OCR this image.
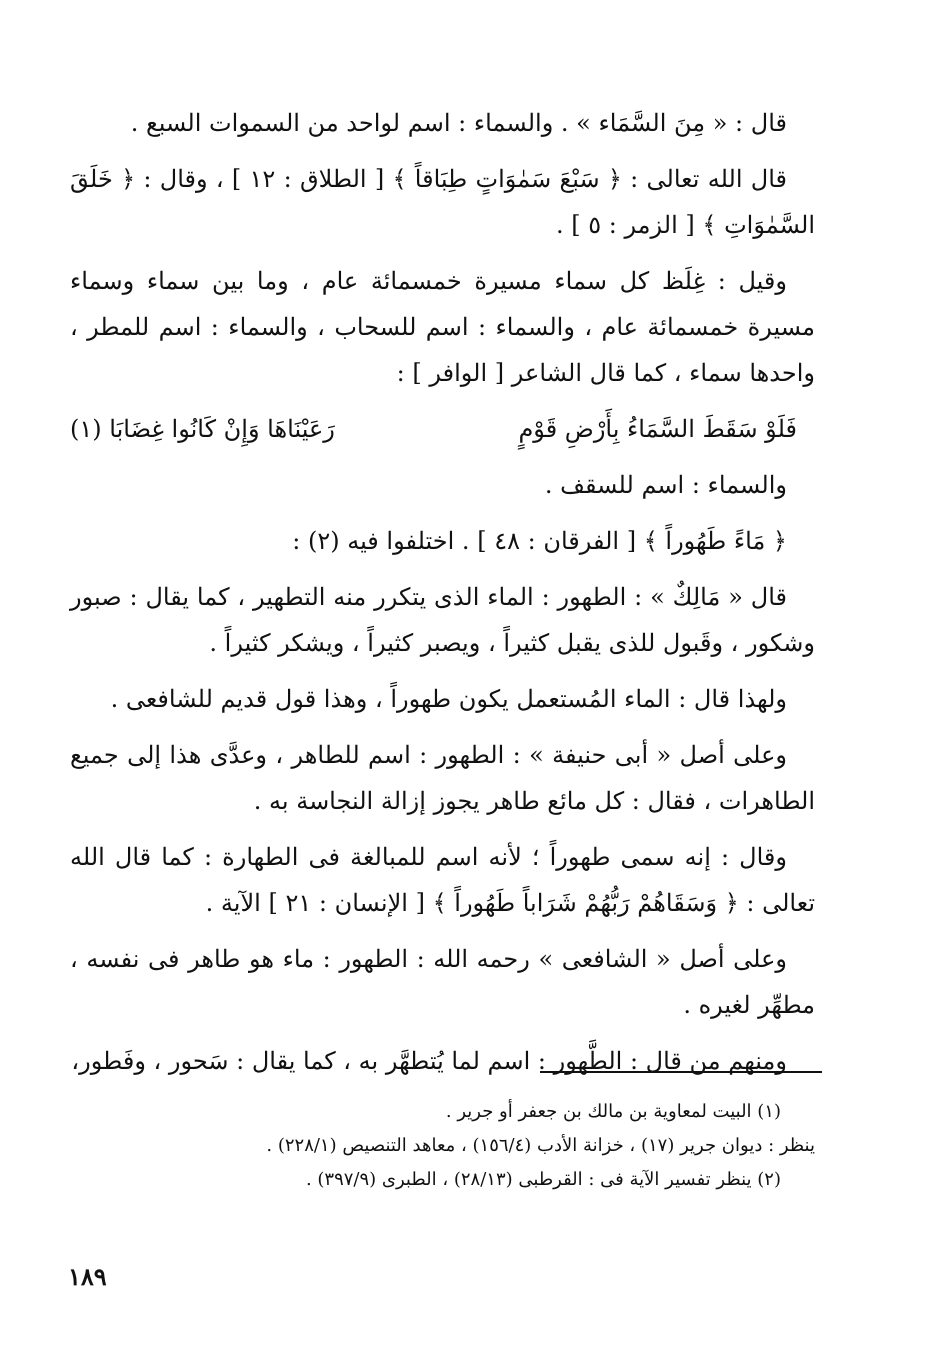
قال : « مِنَ السَّمَاء » . والسماء : اسم لواحد من السموات السبع .

قال الله تعالى : ﴿ سَبْعَ سَمٰوَاتٍ طِبَاقاً ﴾ [ الطلاق : ١٢ ] ، وقال : ﴿ خَلَقَ السَّمٰوَاتِ ﴾ [ الزمر : ٥ ] .

وقيل : غِلَظ كل سماء مسيرة خمسمائة عام ، وما بين سماء وسماء مسيرة خمسمائة عام ، والسماء : اسم للسحاب ، والسماء : اسم للمطر ، واحدها سماء ، كما قال الشاعر [ الوافر ] :

فَلَوْ سَقَطَ السَّمَاءُ بِأَرْضِ قَوْمٍ
رَعَيْنَاهَا وَإِنْ كَانُوا غِضَابَا (١)

والسماء : اسم للسقف .

﴿ مَاءً طَهُوراً ﴾ [ الفرقان : ٤٨ ] . اختلفوا فيه (٢) :

قال « مَالِكٌ » : الطهور : الماء الذى يتكرر منه التطهير ، كما يقال : صبور وشكور ، وقَبول للذى يقبل كثيراً ، ويصبر كثيراً ، ويشكر كثيراً .

ولهذا قال : الماء المُستعمل يكون طهوراً ، وهذا قول قديم للشافعى .

وعلى أصل « أبى حنيفة » : الطهور : اسم للطاهر ، وعدَّى هذا إلى جميع الطاهرات ، فقال : كل مائع طاهر يجوز إزالة النجاسة به .

وقال : إنه سمى طهوراً ؛ لأنه اسم للمبالغة فى الطهارة : كما قال الله تعالى : ﴿ وَسَقَاهُمْ رَبُّهُمْ شَرَاباً طَهُوراً ﴾ [ الإنسان : ٢١ ] الآية .

وعلى أصل « الشافعى » رحمه الله : الطهور : ماء هو طاهر فى نفسه ، مطهِّر لغيره .

ومنهم من قال : الطَّهور : اسم لما يُتطهَّر به ، كما يقال : سَحور ، وفَطور،

(١) البيت لمعاوية بن مالك بن جعفر أو جرير .

ينظر : ديوان جرير (١٧) ، خزانة الأدب (١٥٦/٤) ، معاهد التنصيص (٢٢٨/١) .

(٢) ينظر تفسير الآية فى : القرطبى (٢٨/١٣) ، الطبرى (٣٩٧/٩) .

١٨٩
